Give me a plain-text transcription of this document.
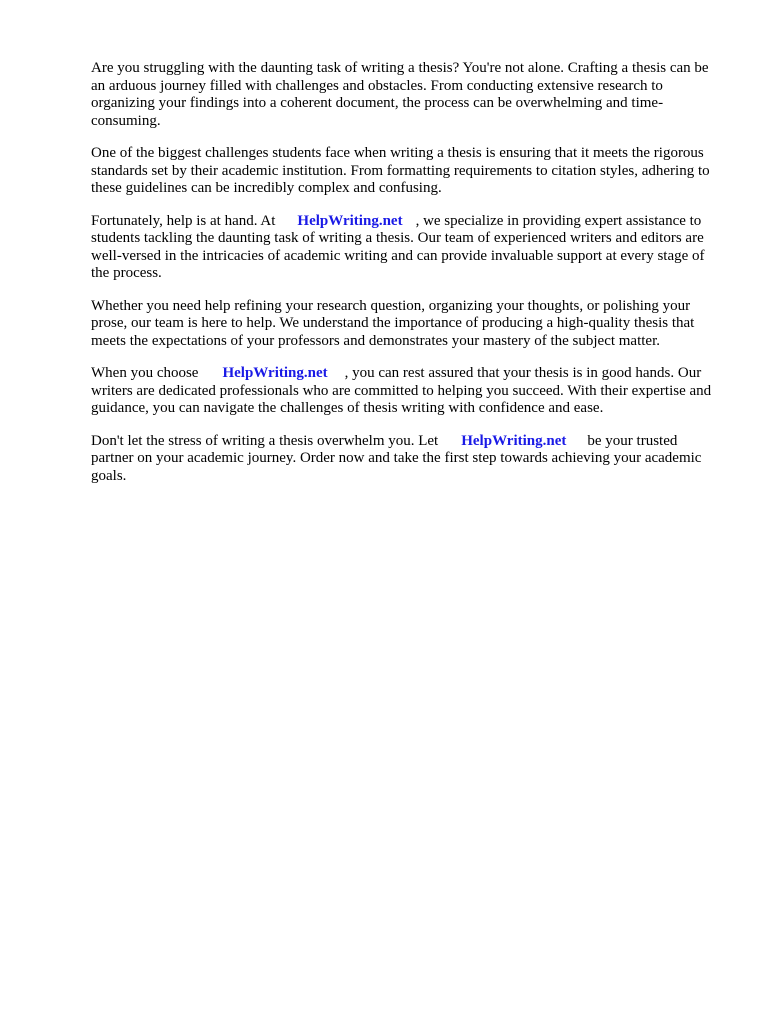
Are you struggling with the daunting task of writing a thesis? You're not alone. Crafting a thesis can be an arduous journey filled with challenges and obstacles. From conducting extensive research to organizing your findings into a coherent document, the process can be overwhelming and time-consuming.

One of the biggest challenges students face when writing a thesis is ensuring that it meets the rigorous standards set by their academic institution. From formatting requirements to citation styles, adhering to these guidelines can be incredibly complex and confusing.

Fortunately, help is at hand. At HelpWriting.net , we specialize in providing expert assistance to students tackling the daunting task of writing a thesis. Our team of experienced writers and editors are well-versed in the intricacies of academic writing and can provide invaluable support at every stage of the process.

Whether you need help refining your research question, organizing your thoughts, or polishing your prose, our team is here to help. We understand the importance of producing a high-quality thesis that meets the expectations of your professors and demonstrates your mastery of the subject matter.

When you choose HelpWriting.net , you can rest assured that your thesis is in good hands. Our writers are dedicated professionals who are committed to helping you succeed. With their expertise and guidance, you can navigate the challenges of thesis writing with confidence and ease.

Don't let the stress of writing a thesis overwhelm you. Let HelpWriting.net be your trusted partner on your academic journey. Order now and take the first step towards achieving your academic goals.
